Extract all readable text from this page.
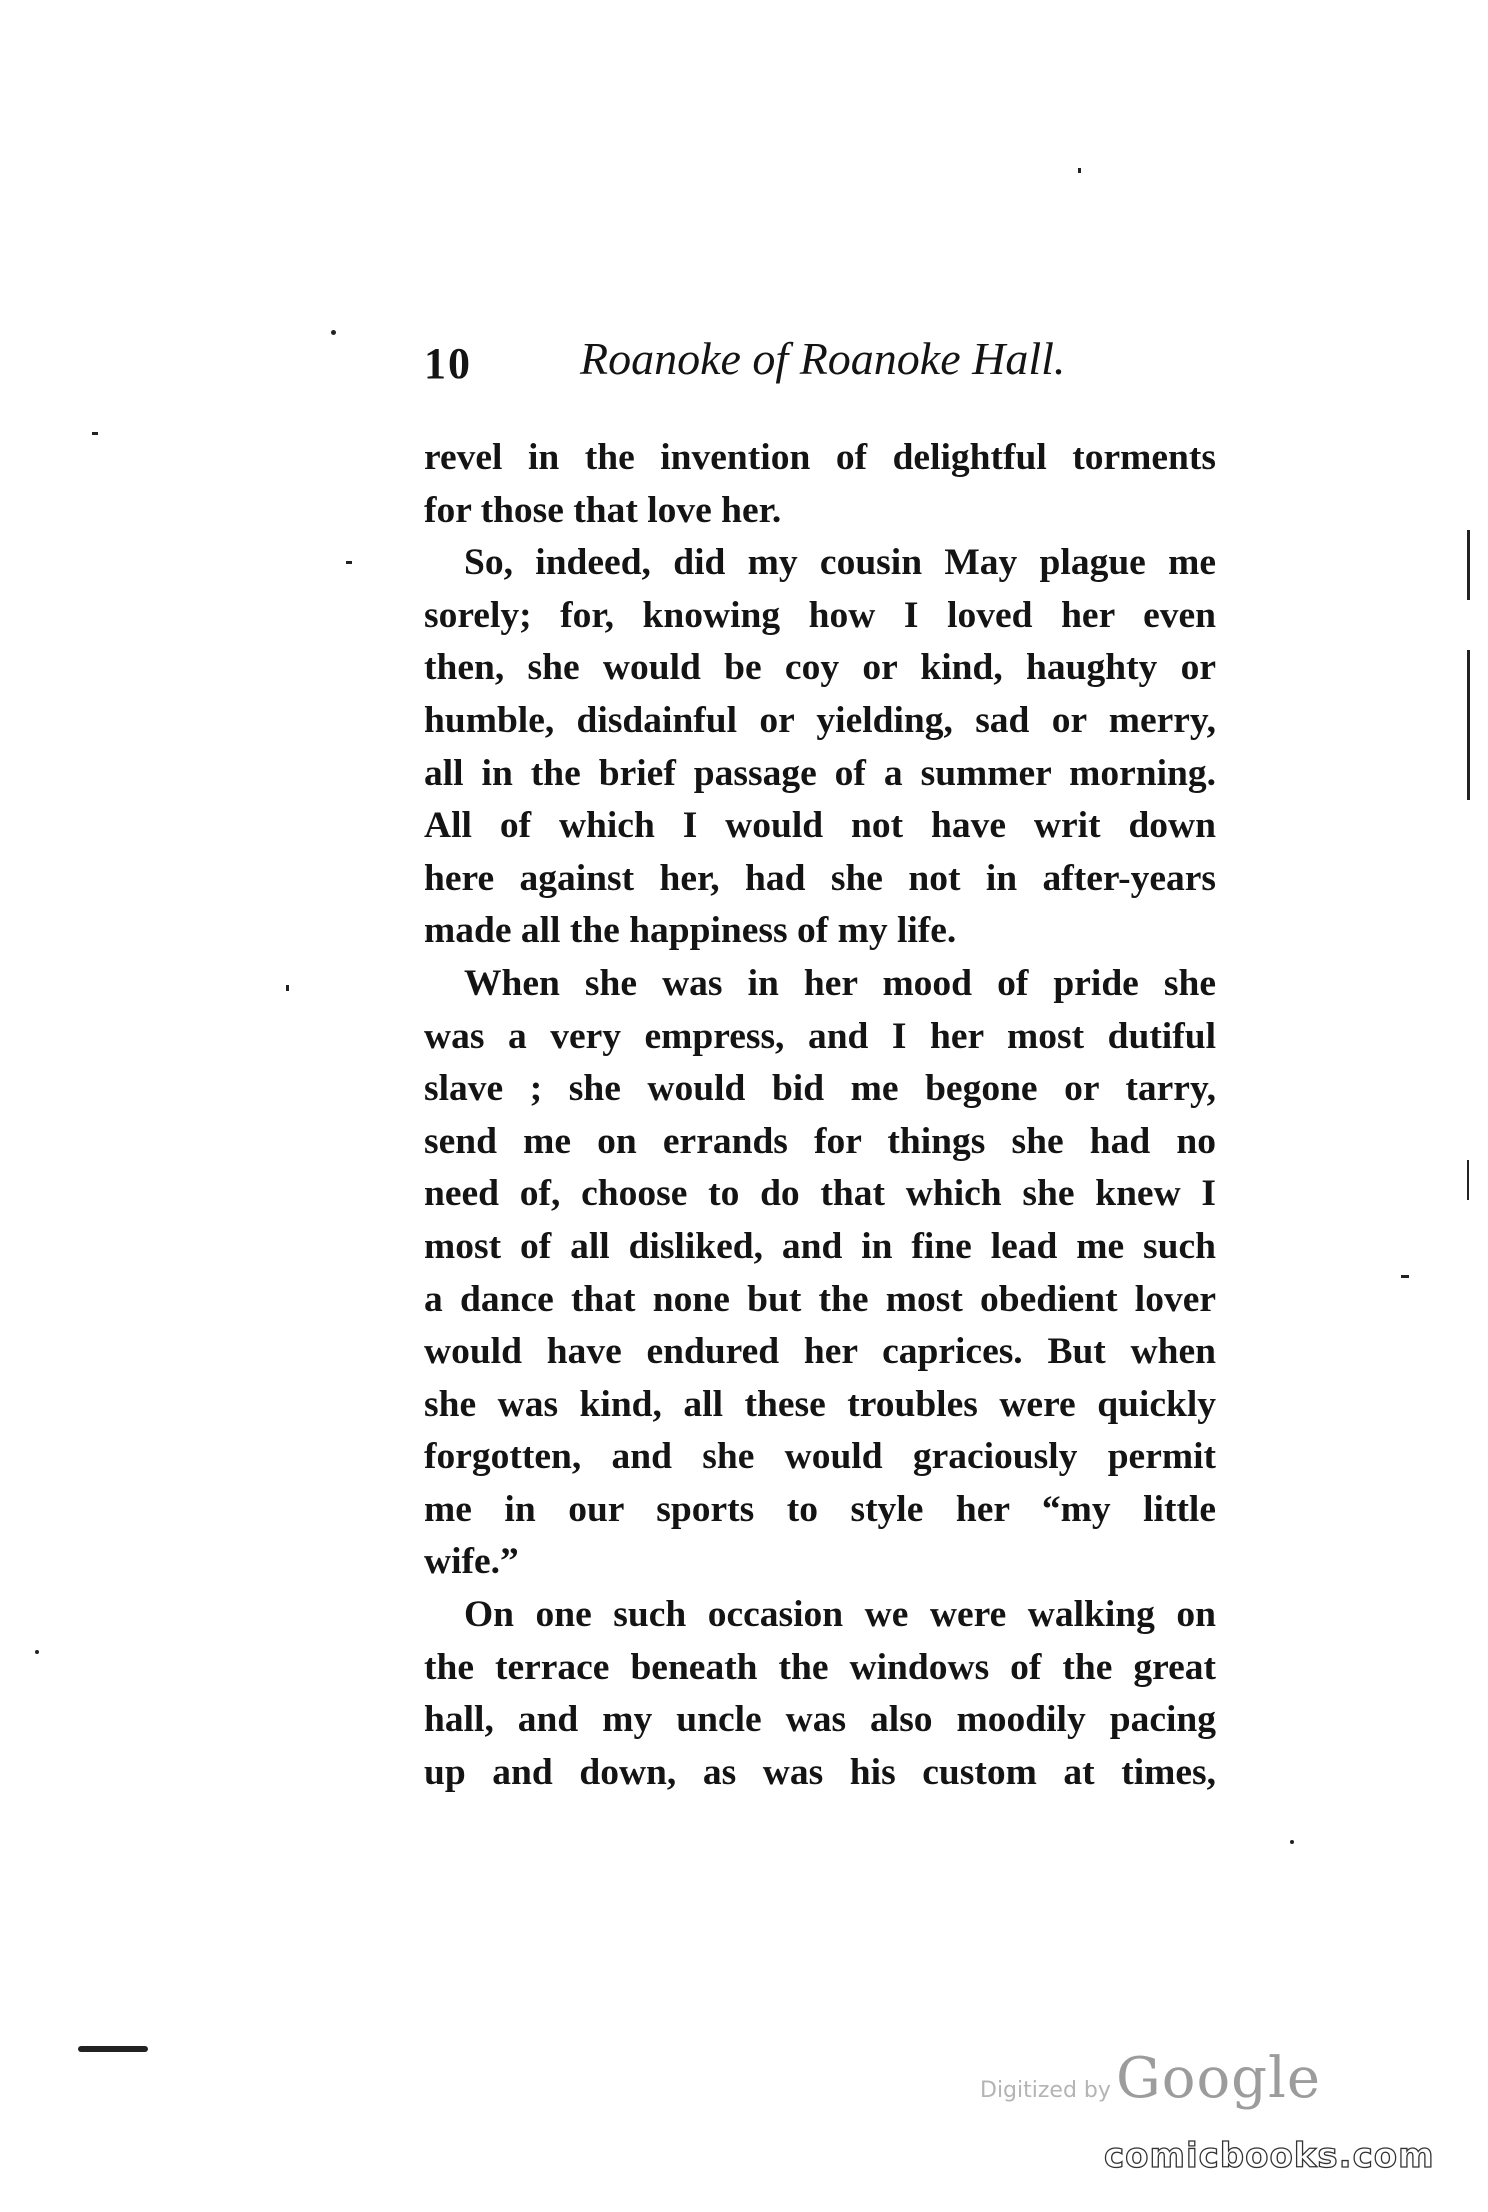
10 Roanoke of Roanoke Hall.
revel in the invention of delightful torments
for those that love her.
So, indeed, did my cousin May plague me
sorely; for, knowing how I loved her even
then, she would be coy or kind, haughty or
humble, disdainful or yielding, sad or merry,
all in the brief passage of a summer morning.
All of which I would not have writ down
here against her, had she not in after-years
made all the happiness of my life.
When she was in her mood of pride she
was a very empress, and I her most dutiful
slave ; she would bid me begone or tarry,
send me on errands for things she had no
need of, choose to do that which she knew I
most of all disliked, and in fine lead me such
a dance that none but the most obedient lover
would have endured her caprices. But when
she was kind, all these troubles were quickly
forgotten, and she would graciously permit
me in our sports to style her “my little
wife.”
On one such occasion we were walking on
the terrace beneath the windows of the great
hall, and my uncle was also moodily pacing
up and down, as was his custom at times,
Digitized by Google
comicbooks.com
